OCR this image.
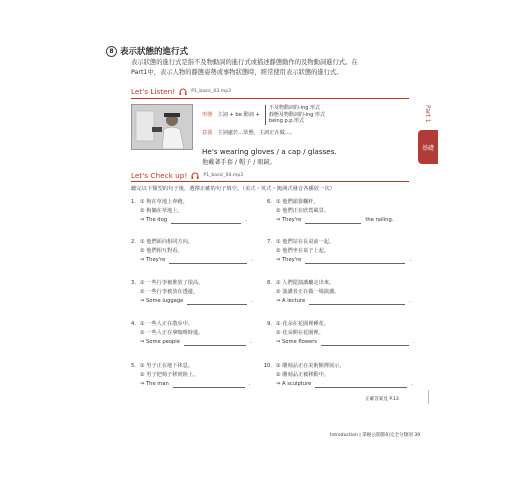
8 表示狀態的進行式

表示狀態的進行式是指不及物動詞的進行式或描述靜態動作的及物動詞進行式。在

Part1中，表示人物的靜態姿勢或事物狀態時，經常使用表示狀態的進行式。

Let's Listen!	P1_basic_03.mp3
形態 主詞 + be 動詞 +
不及物動詞的-ing 形式
靜態及物動詞的-ing 形式
being p.p.形式
意義 主詞處於…狀態，主詞正在做…。
He's wearing gloves / a cap / glasses.
他戴著手套 / 帽子 / 眼鏡。
Let's Check up!	P1_basic_04.mp3
聽完以下類型的句子後，選擇正確的句子填空。（美式・英式・澳洲式發音各播放一次）
1. ① 狗在草地上奔跑。
② 狗躺在草地上。
⇒ The dog	.
2. ① 他們面向相同方向。
② 他們相互對看。
⇒ They're	.
3. ① 一些行李被堆放了很高。
② 一些行李被放在透邊。
⇒ Some luggage	.
4. ① 一些人正在散步中。
② 一些人正在拿咖啡時進。
⇒ Some people	.
5. ① 男子正在地下休息。
② 男子把椅子移到陸上。
⇒ The man	.
6. ① 他們頭靠欄杆。
② 他們正在欣賞風景。
⇒ They're	the railing.
7. ① 他們站在長桌前一起。
② 他們坐在桌子上起。
⇒ They're	.
8. ① 人們從演講廳走出來。
② 演講者正在做一場演講。
⇒ A lecture	.
9. ① 花朵在花園裡種花。
② 花朵開在花園裡。
⇒ Some flowers	.
10. ① 雕刻品正在美術館裡展示。
② 雕刻品正被移動中。
⇒ A sculpture	.
Part 1
基礎
正確答案見 P.13
Introduction | 掌握公開都如完全分類別 39
